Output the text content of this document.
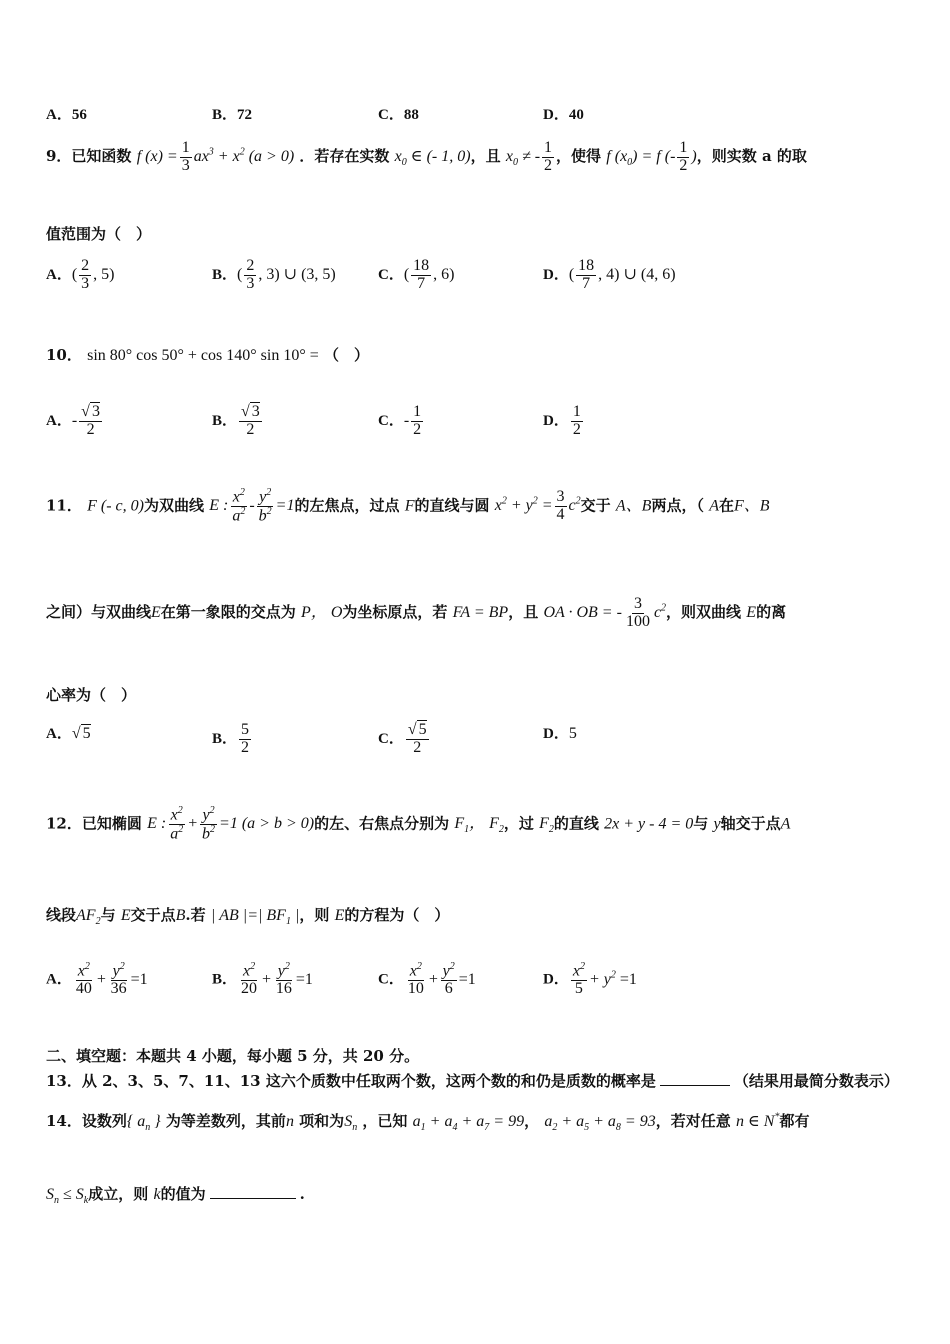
A．56	B．72	C．88	D．40
9．已知函数 f $(x) = \frac{1}{3} ax^3 + x^2$ (a > 0) ．若存在实数 $x_0$ ∈ (- 1, 0)，且 $x_0$ ≠ - $\frac{1}{2}$ ，使得 f $(x_0) = f$ (- $\frac{1}{2}$ )，则实数 a 的取
值范围为（　）
A．( $\frac{2}{3}$ , 5)	B．( $\frac{2}{3}$ , 3) ∪ (3, 5)	C．( $\frac{18}{7}$ , 6)	D．( $\frac{18}{7}$ , 4) ∪ (4, 6)
10． sin 80° cos 50° + cos 140° sin 10° = （　）
A．- $\frac{√ 3}{2}$	B． $\frac{√ 3}{2}$	C．- $\frac{1}{2}$	D． $\frac{1}{2}$
11． F (- c, 0)为双曲线 E : $\frac{x^2}{a^2} - \frac{y^2}{b^2} =1$的左焦点，过点 F的直线与圆 $x^2 + y^2 = \frac{3}{4} c^2$交于 A、B两点，（ A在F、B
之间）与双曲线E在第一象限的交点为 P， O为坐标原点，若 FA = BP，且 OA · OB = - $\frac{3}{100} c^2$，则双曲线 E的离
心率为（　）
A．√ 5	B． $\frac{5}{2}$	C． $\frac{√ 5}{2}$	D．5
12．已知椭圆 E : $\frac{x^2}{a^2} + \frac{y^2}{b^2} =1$ (a > b > 0)的左、右焦点分别为 $F_1$， $F_2$，过 $F_2$的直线 2x + y - 4 = 0与 y轴交于点A
线段$AF_2$与 E交于点B.若 | AB |=| $BF_1$ |，则 E的方程为（　）
A． $\frac{x^2}{40} + \frac{y^2}{36} =1$	B． $\frac{x^2}{20} + \frac{y^2}{16} =1$	C． $\frac{x^2}{10} + \frac{y^2}{6} =1$	D． $\frac{x^2}{5} + y^2 =1$
二、填空题：本题共 4 小题，每小题 5 分，共 20 分。
13．从 2、3、5、7、11、13 这六个质数中任取两个数，这两个数的和仍是质数的概率是	（结果用最简分数表示）
14．设数列{ $a_n$ } 为等差数列，其前n 项和为$S_n$ ，已知 $a_1 + a_4 + a_7 = 99$， $a_2 + a_5 + a_8 = 93$，若对任意 n ∈ N*都有
$S_n \le S_k$成立，则 k的值为	.
